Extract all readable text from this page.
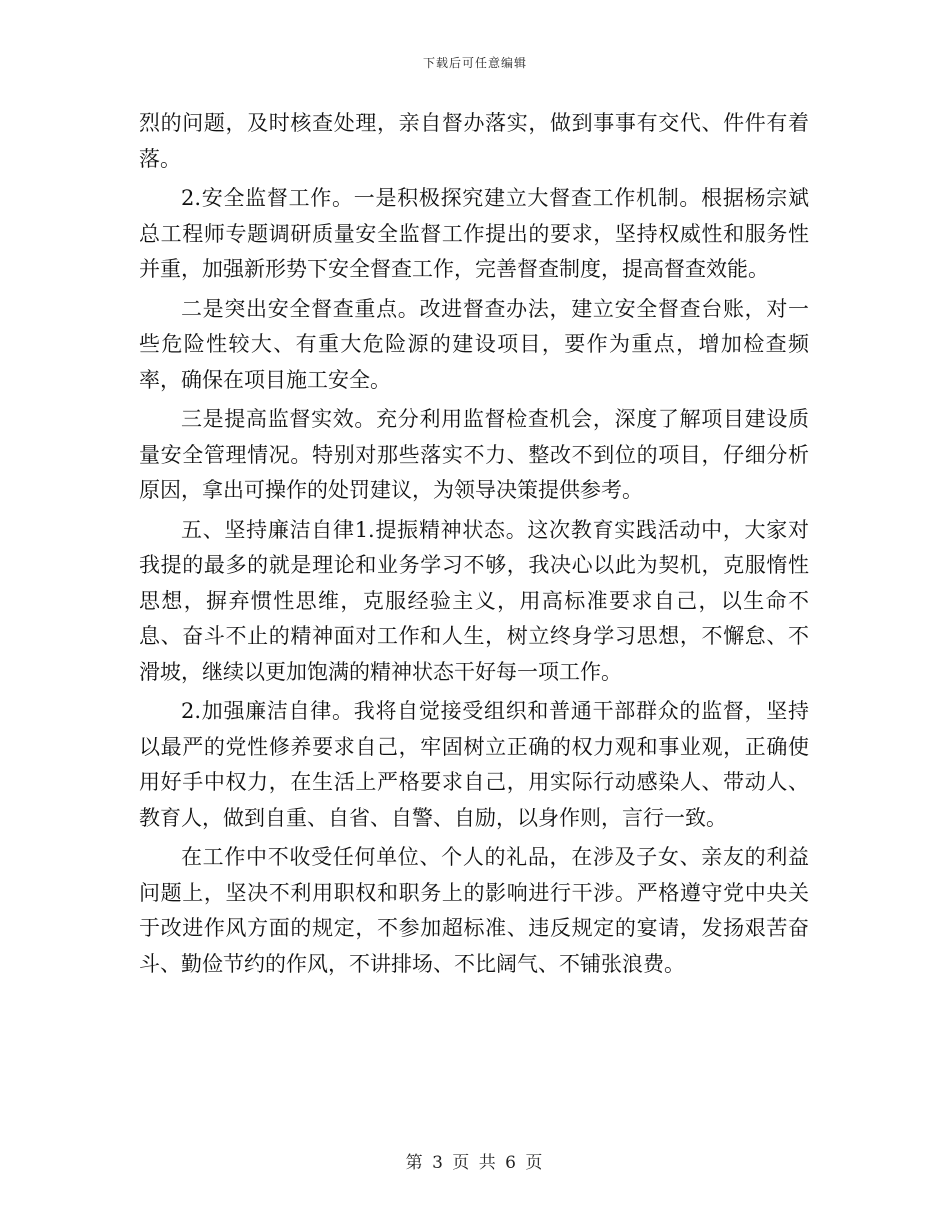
下载后可任意编辑

烈的问题，及时核查处理，亲自督办落实，做到事事有交代、件件有着落。

2.安全监督工作。一是积极探究建立大督查工作机制。根据杨宗斌总工程师专题调研质量安全监督工作提出的要求，坚持权威性和服务性并重，加强新形势下安全督查工作，完善督查制度，提高督查效能。

二是突出安全督查重点。改进督查办法，建立安全督查台账，对一些危险性较大、有重大危险源的建设项目，要作为重点，增加检查频率，确保在项目施工安全。

三是提高监督实效。充分利用监督检查机会，深度了解项目建设质量安全管理情况。特别对那些落实不力、整改不到位的项目，仔细分析原因，拿出可操作的处罚建议，为领导决策提供参考。

五、坚持廉洁自律1.提振精神状态。这次教育实践活动中，大家对我提的最多的就是理论和业务学习不够，我决心以此为契机，克服惰性思想，摒弃惯性思维，克服经验主义，用高标准要求自己，以生命不息、奋斗不止的精神面对工作和人生，树立终身学习思想，不懈怠、不滑坡，继续以更加饱满的精神状态干好每一项工作。

2.加强廉洁自律。我将自觉接受组织和普通干部群众的监督，坚持以最严的党性修养要求自己，牢固树立正确的权力观和事业观，正确使用好手中权力，在生活上严格要求自己，用实际行动感染人、带动人、教育人，做到自重、自省、自警、自励，以身作则，言行一致。

在工作中不收受任何单位、个人的礼品，在涉及子女、亲友的利益问题上，坚决不利用职权和职务上的影响进行干涉。严格遵守党中央关于改进作风方面的规定，不参加超标准、违反规定的宴请，发扬艰苦奋斗、勤俭节约的作风，不讲排场、不比阔气、不铺张浪费。

第 3 页 共 6 页
